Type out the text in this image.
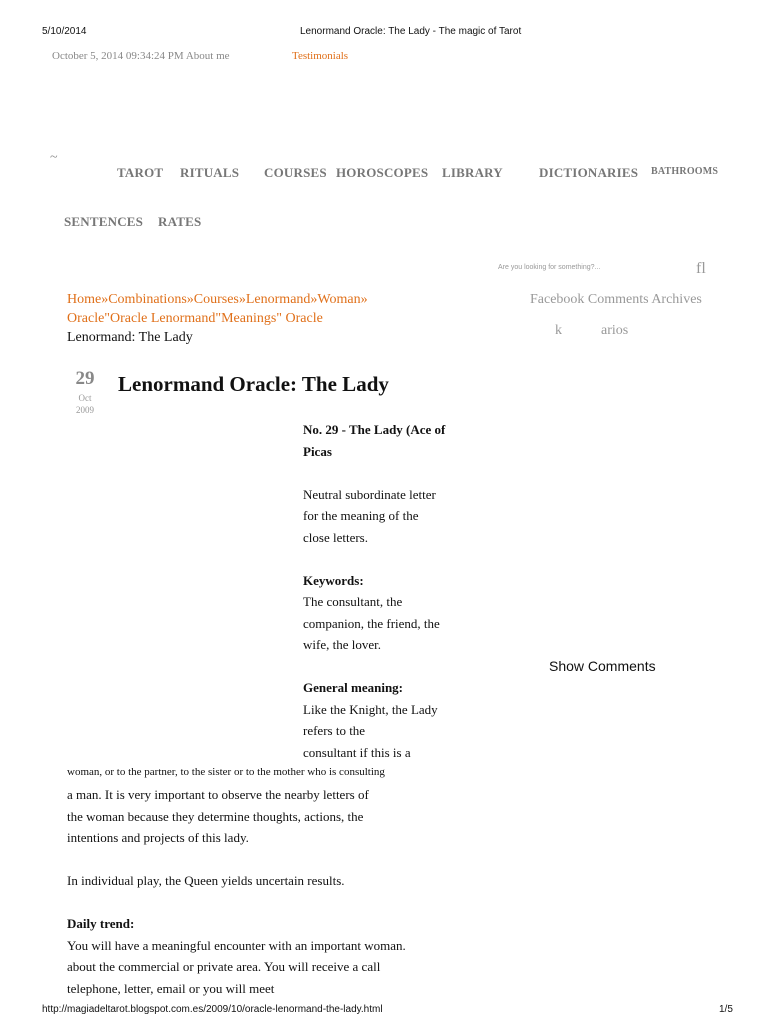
5/10/2014	Lenormand Oracle: The Lady - The magic of Tarot
October 5, 2014 09:34:24 PM About me	Testimonials
~
TAROT RITUALS COURSES HOROSCOPES LIBRARY	DICTIONARIES BATHROOMS
SENTENCES RATES
Are you looking for something?...	fl
Home»Combinations»Courses»Lenormand»Woman»
Oracle"Oracle Lenormand"Meanings" Oracle
Lenormand: The Lady
Facebook Comments Archives
k	arios
Show Comments
29
Oct
2009
Lenormand Oracle: The Lady

No. 29 - The Lady (Ace of

Picas

Neutral subordinate letter

for the meaning of the

close letters.

Keywords:

The consultant, the

companion, the friend, the

wife, the lover.

General meaning:

Like the Knight, the Lady

refers to the

consultant if this is a

woman, or to the partner, to the sister or to the mother who is consulting

a man. It is very important to observe the nearby letters of

the woman because they determine thoughts, actions, the

intentions and projects of this lady.

In individual play, the Queen yields uncertain results.

Daily trend:

You will have a meaningful encounter with an important woman.

about the commercial or private area. You will receive a call

telephone, letter, email or you will meet

http://magiadeltarot.blogspot.com.es/2009/10/oracle-lenormand-the-lady.html	1/5
